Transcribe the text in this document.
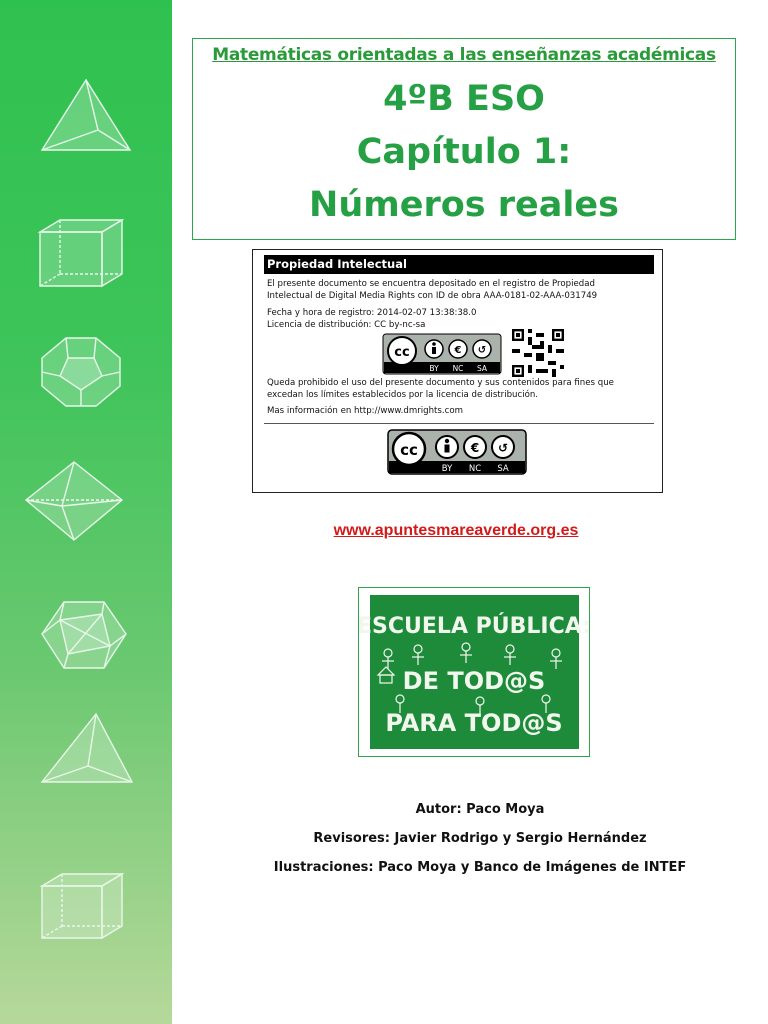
Matemáticas orientadas a las enseñanzas académicas
4ºB ESO
Capítulo 1:
Números reales
Propiedad Intelectual
El presente documento se encuentra depositado en el registro de Propiedad
Intelectual de Digital Media Rights con ID de obra AAA-0181-02-AAA-031749
Fecha y hora de registro: 2014-02-07 13:38:38.0
Licencia de distribución: CC by-nc-sa
Queda prohibido el uso del presente documento y sus contenidos para fines que
excedan los límites establecidos por la licencia de distribución.
Mas información en http://www.dmrights.com
cc	€ ↺
BY NC SA
cc	€ ↺
BY NC SA
www.apuntesmareaverde.org.es
ESCUELA PÚBLICA:
DE TOD@S
PARA TOD@S
Autor: Paco Moya
Revisores: Javier Rodrigo y Sergio Hernández
Ilustraciones: Paco Moya y Banco de Imágenes de INTEF
